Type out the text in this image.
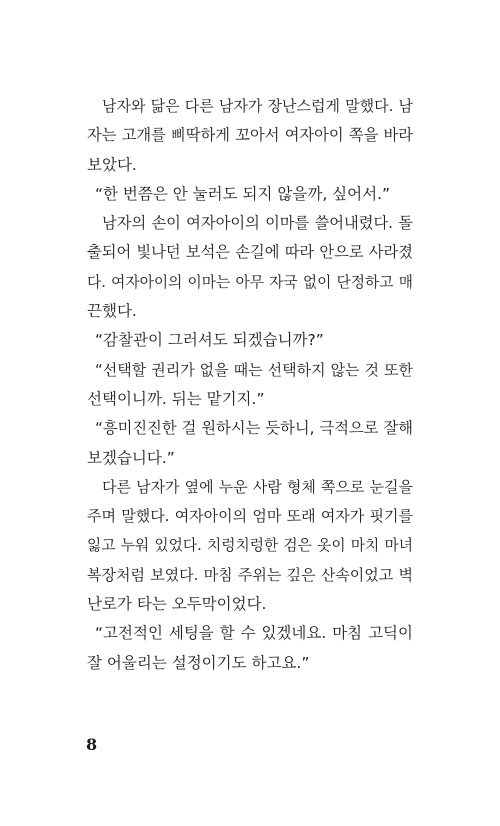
남자와 닮은 다른 남자가 장난스럽게 말했다. 남
자는 고개를 삐딱하게 꼬아서 여자아이 쪽을 바라
보았다.
“한 번쯤은 안 눌러도 되지 않을까, 싶어서.”
남자의 손이 여자아이의 이마를 쓸어내렸다. 돌
출되어 빛나던 보석은 손길에 따라 안으로 사라졌
다. 여자아이의 이마는 아무 자국 없이 단정하고 매
끈했다.
“감찰관이 그러셔도 되겠습니까?”
“선택할 권리가 없을 때는 선택하지 않는 것 또한
선택이니까. 뒤는 맡기지.”
“흥미진진한 걸 원하시는 듯하니, 극적으로 잘해
보겠습니다.”
다른 남자가 옆에 누운 사람 형체 쪽으로 눈길을
주며 말했다. 여자아이의 엄마 또래 여자가 핏기를
잃고 누워 있었다. 치렁치렁한 검은 옷이 마치 마녀
복장처럼 보였다. 마침 주위는 깊은 산속이었고 벽
난로가 타는 오두막이었다.
“고전적인 세팅을 할 수 있겠네요. 마침 고딕이
잘 어울리는 설정이기도 하고요.”
8
